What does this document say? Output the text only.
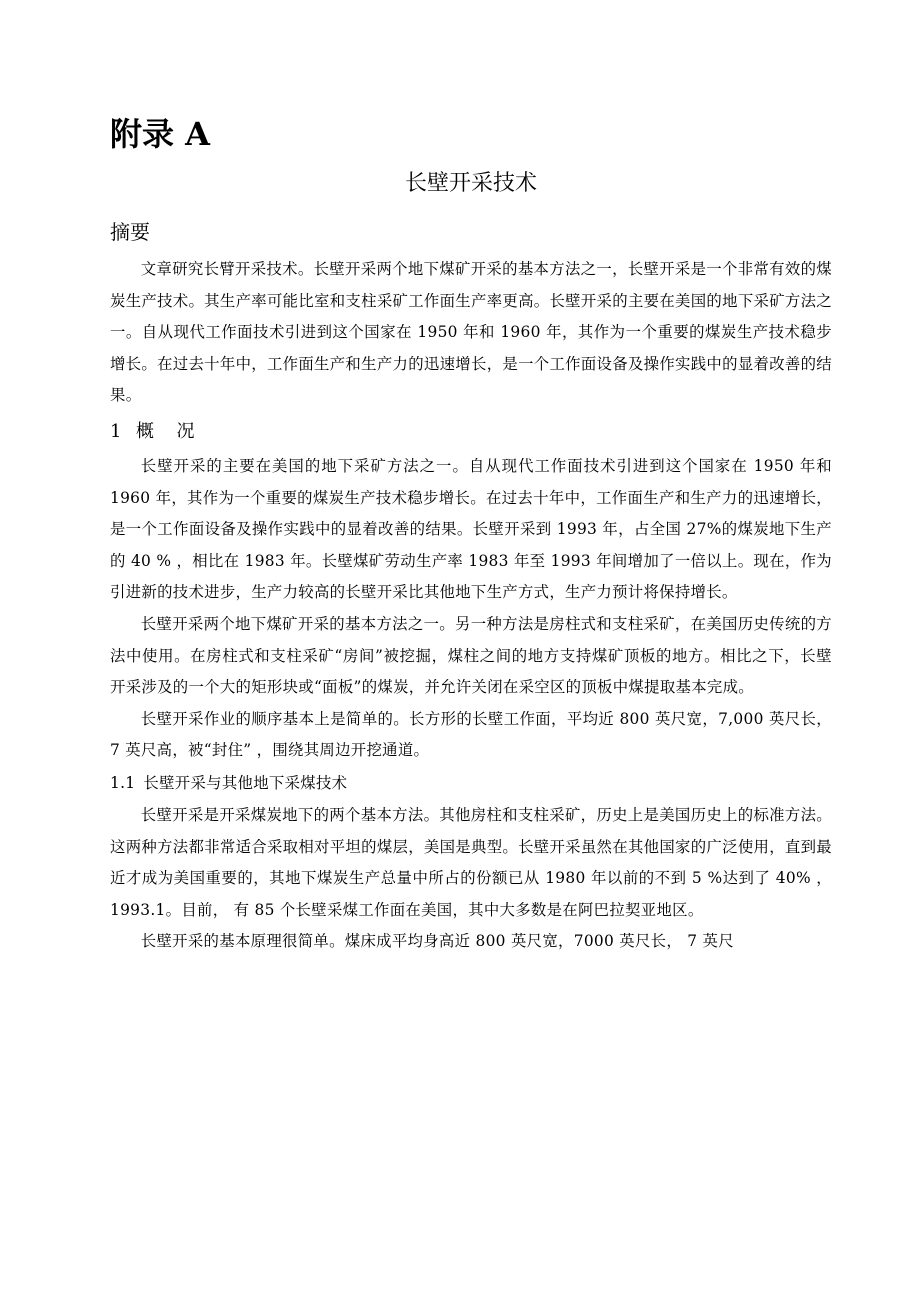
附录 A
长壁开采技术
摘要

文章研究长臂开采技术。长壁开采两个地下煤矿开采的基本方法之一，长壁开采是一个非常有效的煤炭生产技术。其生产率可能比室和支柱采矿工作面生产率更高。长壁开采的主要在美国的地下采矿方法之一。自从现代工作面技术引进到这个国家在 1950 年和 1960 年，其作为一个重要的煤炭生产技术稳步增长。在过去十年中，工作面生产和生产力的迅速增长，是一个工作面设备及操作实践中的显着改善的结果。

1 概 况

长壁开采的主要在美国的地下采矿方法之一。自从现代工作面技术引进到这个国家在 1950 年和 1960 年，其作为一个重要的煤炭生产技术稳步增长。在过去十年中，工作面生产和生产力的迅速增长，是一个工作面设备及操作实践中的显着改善的结果。长壁开采到 1993 年，占全国 27%的煤炭地下生产的 40 % ，相比在 1983 年。长壁煤矿劳动生产率 1983 年至 1993 年间增加了一倍以上。现在，作为引进新的技术进步，生产力较高的长壁开采比其他地下生产方式，生产力预计将保持增长。

长壁开采两个地下煤矿开采的基本方法之一。另一种方法是房柱式和支柱采矿，在美国历史传统的方法中使用。在房柱式和支柱采矿“房间”被挖掘，煤柱之间的地方支持煤矿顶板的地方。相比之下，长壁开采涉及的一个大的矩形块或“面板”的煤炭，并允许关闭在采空区的顶板中煤提取基本完成。

长壁开采作业的顺序基本上是简单的。长方形的长壁工作面，平均近 800 英尺宽，7,000 英尺长， 7 英尺高，被“封住” ，围绕其周边开挖通道。

1.1 长壁开采与其他地下采煤技术

长壁开采是开采煤炭地下的两个基本方法。其他房柱和支柱采矿，历史上是美国历史上的标准方法。这两种方法都非常适合采取相对平坦的煤层，美国是典型。长壁开采虽然在其他国家的广泛使用，直到最近才成为美国重要的，其地下煤炭生产总量中所占的份额已从 1980 年以前的不到 5 %达到了 40% ， 1993.1。目前， 有 85 个长壁采煤工作面在美国，其中大多数是在阿巴拉契亚地区。

长壁开采的基本原理很简单。煤床成平均身高近 800 英尺宽，7000 英尺长， 7 英尺
